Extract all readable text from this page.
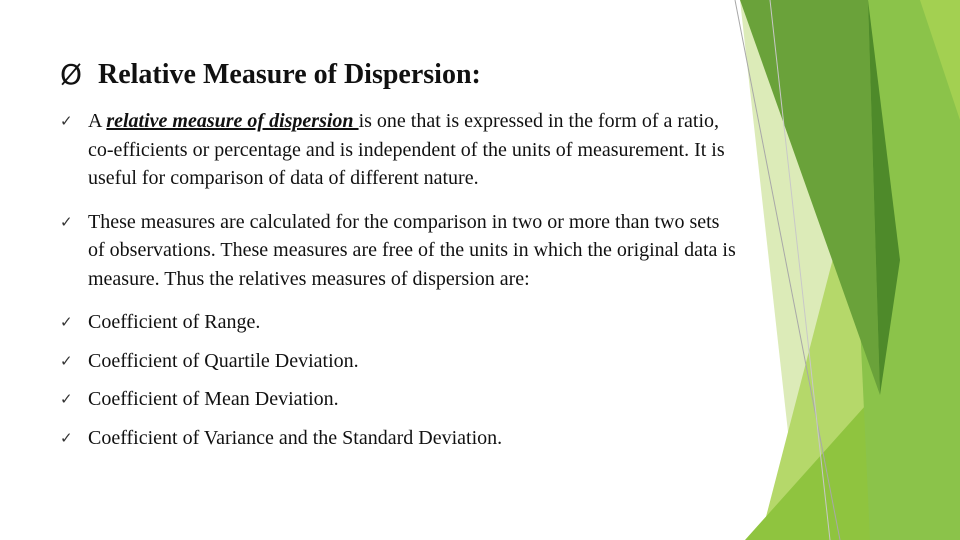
Ø Relative Measure of Dispersion:
✓ A relative measure of dispersion is one that is expressed in the form of a ratio, co-efficients or percentage and is independent of the units of measurement. It is useful for comparison of data of different nature.
✓ These measures are calculated for the comparison in two or more than two sets of observations. These measures are free of the units in which the original data is measure. Thus the relatives measures of dispersion are:
✓ Coefficient of Range.
✓ Coefficient of Quartile Deviation.
✓ Coefficient of Mean Deviation.
✓ Coefficient of Variance and the Standard Deviation.
